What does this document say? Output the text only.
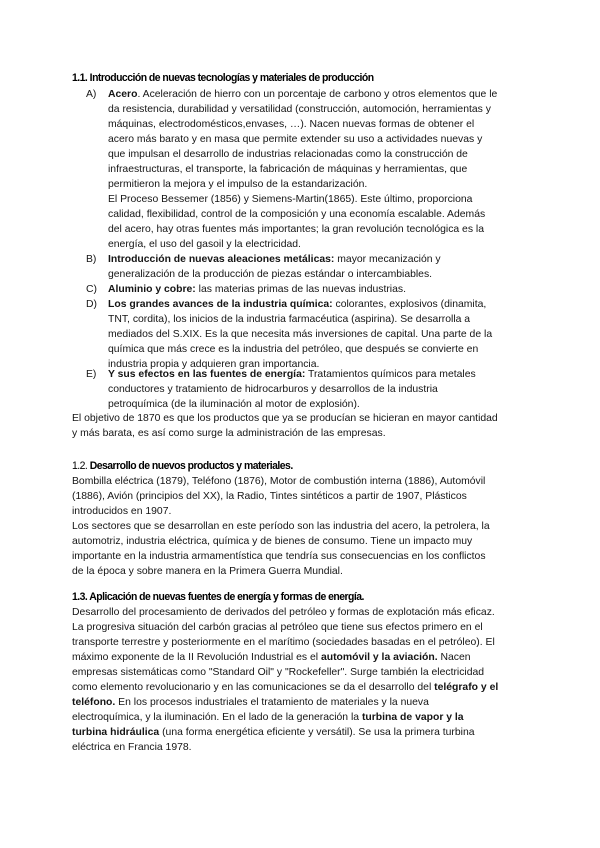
1.1. Introducción de nuevas tecnologías y materiales de producción
A)	Acero. Aceleración de hierro con un porcentaje de carbono y otros elementos que le
da resistencia, durabilidad y versatilidad (construcción, automoción, herramientas y
máquinas, electrodomésticos,envases, …). Nacen nuevas formas de obtener el
acero más barato y en masa que permite extender su uso a actividades nuevas y
que impulsan el desarrollo de industrias relacionadas como la construcción de
infraestructuras, el transporte, la fabricación de máquinas y herramientas, que
permitieron la mejora y el impulso de la estandarización.
El Proceso Bessemer (1856) y Siemens-Martin(1865). Este último, proporciona
calidad, flexibilidad, control de la composición y una economía escalable. Además
del acero, hay otras fuentes más importantes; la gran revolución tecnológica es la
energía, el uso del gasoil y la electricidad.
B)	Introducción de nuevas aleaciones metálicas: mayor mecanización y
generalización de la producción de piezas estándar o intercambiables.
C)	Aluminio y cobre: las materias primas de las nuevas industrias.
D)	Los grandes avances de la industria química: colorantes, explosivos (dinamita,
TNT, cordita), los inicios de la industria farmacéutica (aspirina). Se desarrolla a
mediados del S.XIX. Es la que necesita más inversiones de capital. Una parte de la
química que más crece es la industria del petróleo, que después se convierte en
industria propia y adquieren gran importancia.
E)	Y sus efectos en las fuentes de energía: Tratamientos químicos para metales
conductores y tratamiento de hidrocarburos y desarrollos de la industria
petroquímica (de la iluminación al motor de explosión).
El objetivo de 1870 es que los productos que ya se producían se hicieran en mayor cantidad
y más barata, es así como surge la administración de las empresas.
1.2. Desarrollo de nuevos productos y materiales.
Bombilla eléctrica (1879), Teléfono (1876), Motor de combustión interna (1886), Automóvil
(1886), Avión (principios del XX), la Radio, Tintes sintéticos a partir de 1907, Plásticos
introducidos en 1907.
Los sectores que se desarrollan en este período son las industria del acero, la petrolera, la
automotriz, industria eléctrica, química y de bienes de consumo. Tiene un impacto muy
importante en la industria armamentística que tendría sus consecuencias en los conflictos
de la época y sobre manera en la Primera Guerra Mundial.
1.3. Aplicación de nuevas fuentes de energía y formas de energía.
Desarrollo del procesamiento de derivados del petróleo y formas de explotación más eficaz.
La progresiva situación del carbón gracias al petróleo que tiene sus efectos primero en el
transporte terrestre y posteriormente en el marítimo (sociedades basadas en el petróleo). El
máximo exponente de la II Revolución Industrial es el automóvil y la aviación. Nacen
empresas sistemáticas como "Standard Oil" y "Rockefeller". Surge también la electricidad
como elemento revolucionario y en las comunicaciones se da el desarrollo del telégrafo y el
teléfono. En los procesos industriales el tratamiento de materiales y la nueva
electroquímica, y la iluminación. En el lado de la generación la turbina de vapor y la
turbina hidráulica (una forma energética eficiente y versátil). Se usa la primera turbina
eléctrica en Francia 1978.
